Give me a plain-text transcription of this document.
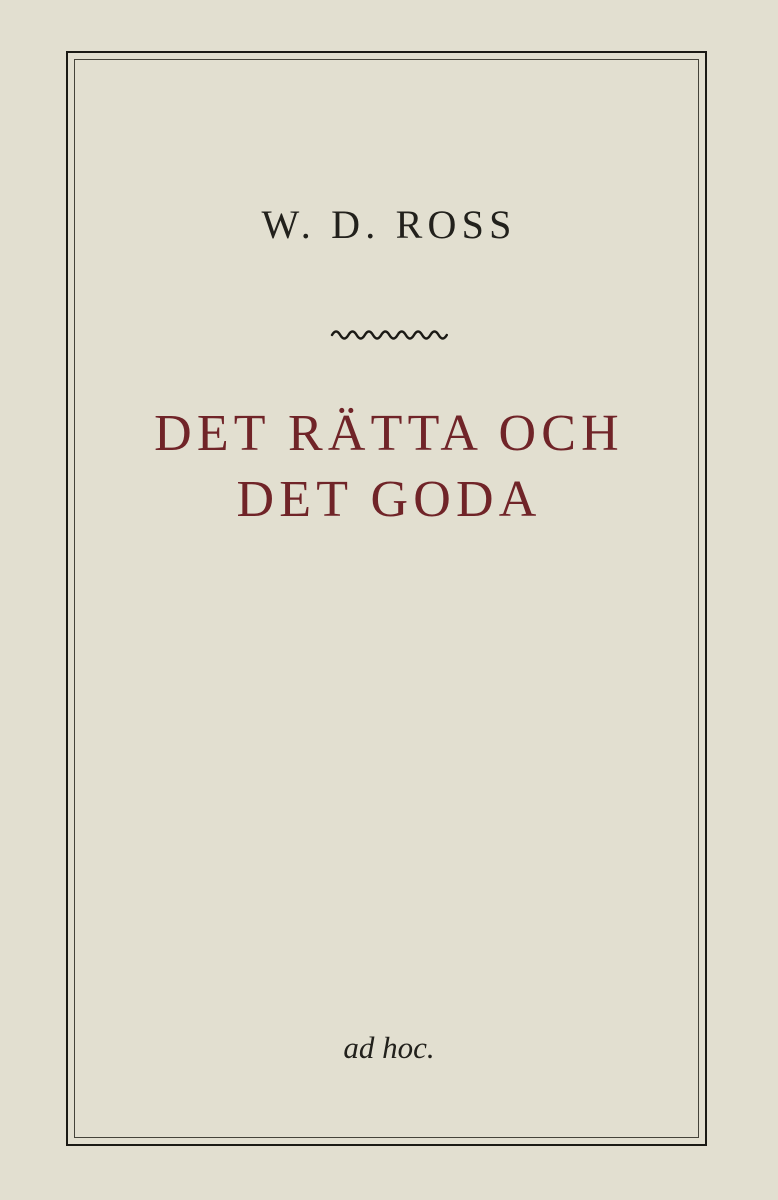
W. D. ROSS
DET RÄTTA OCH
DET GODA
ad hoc.
